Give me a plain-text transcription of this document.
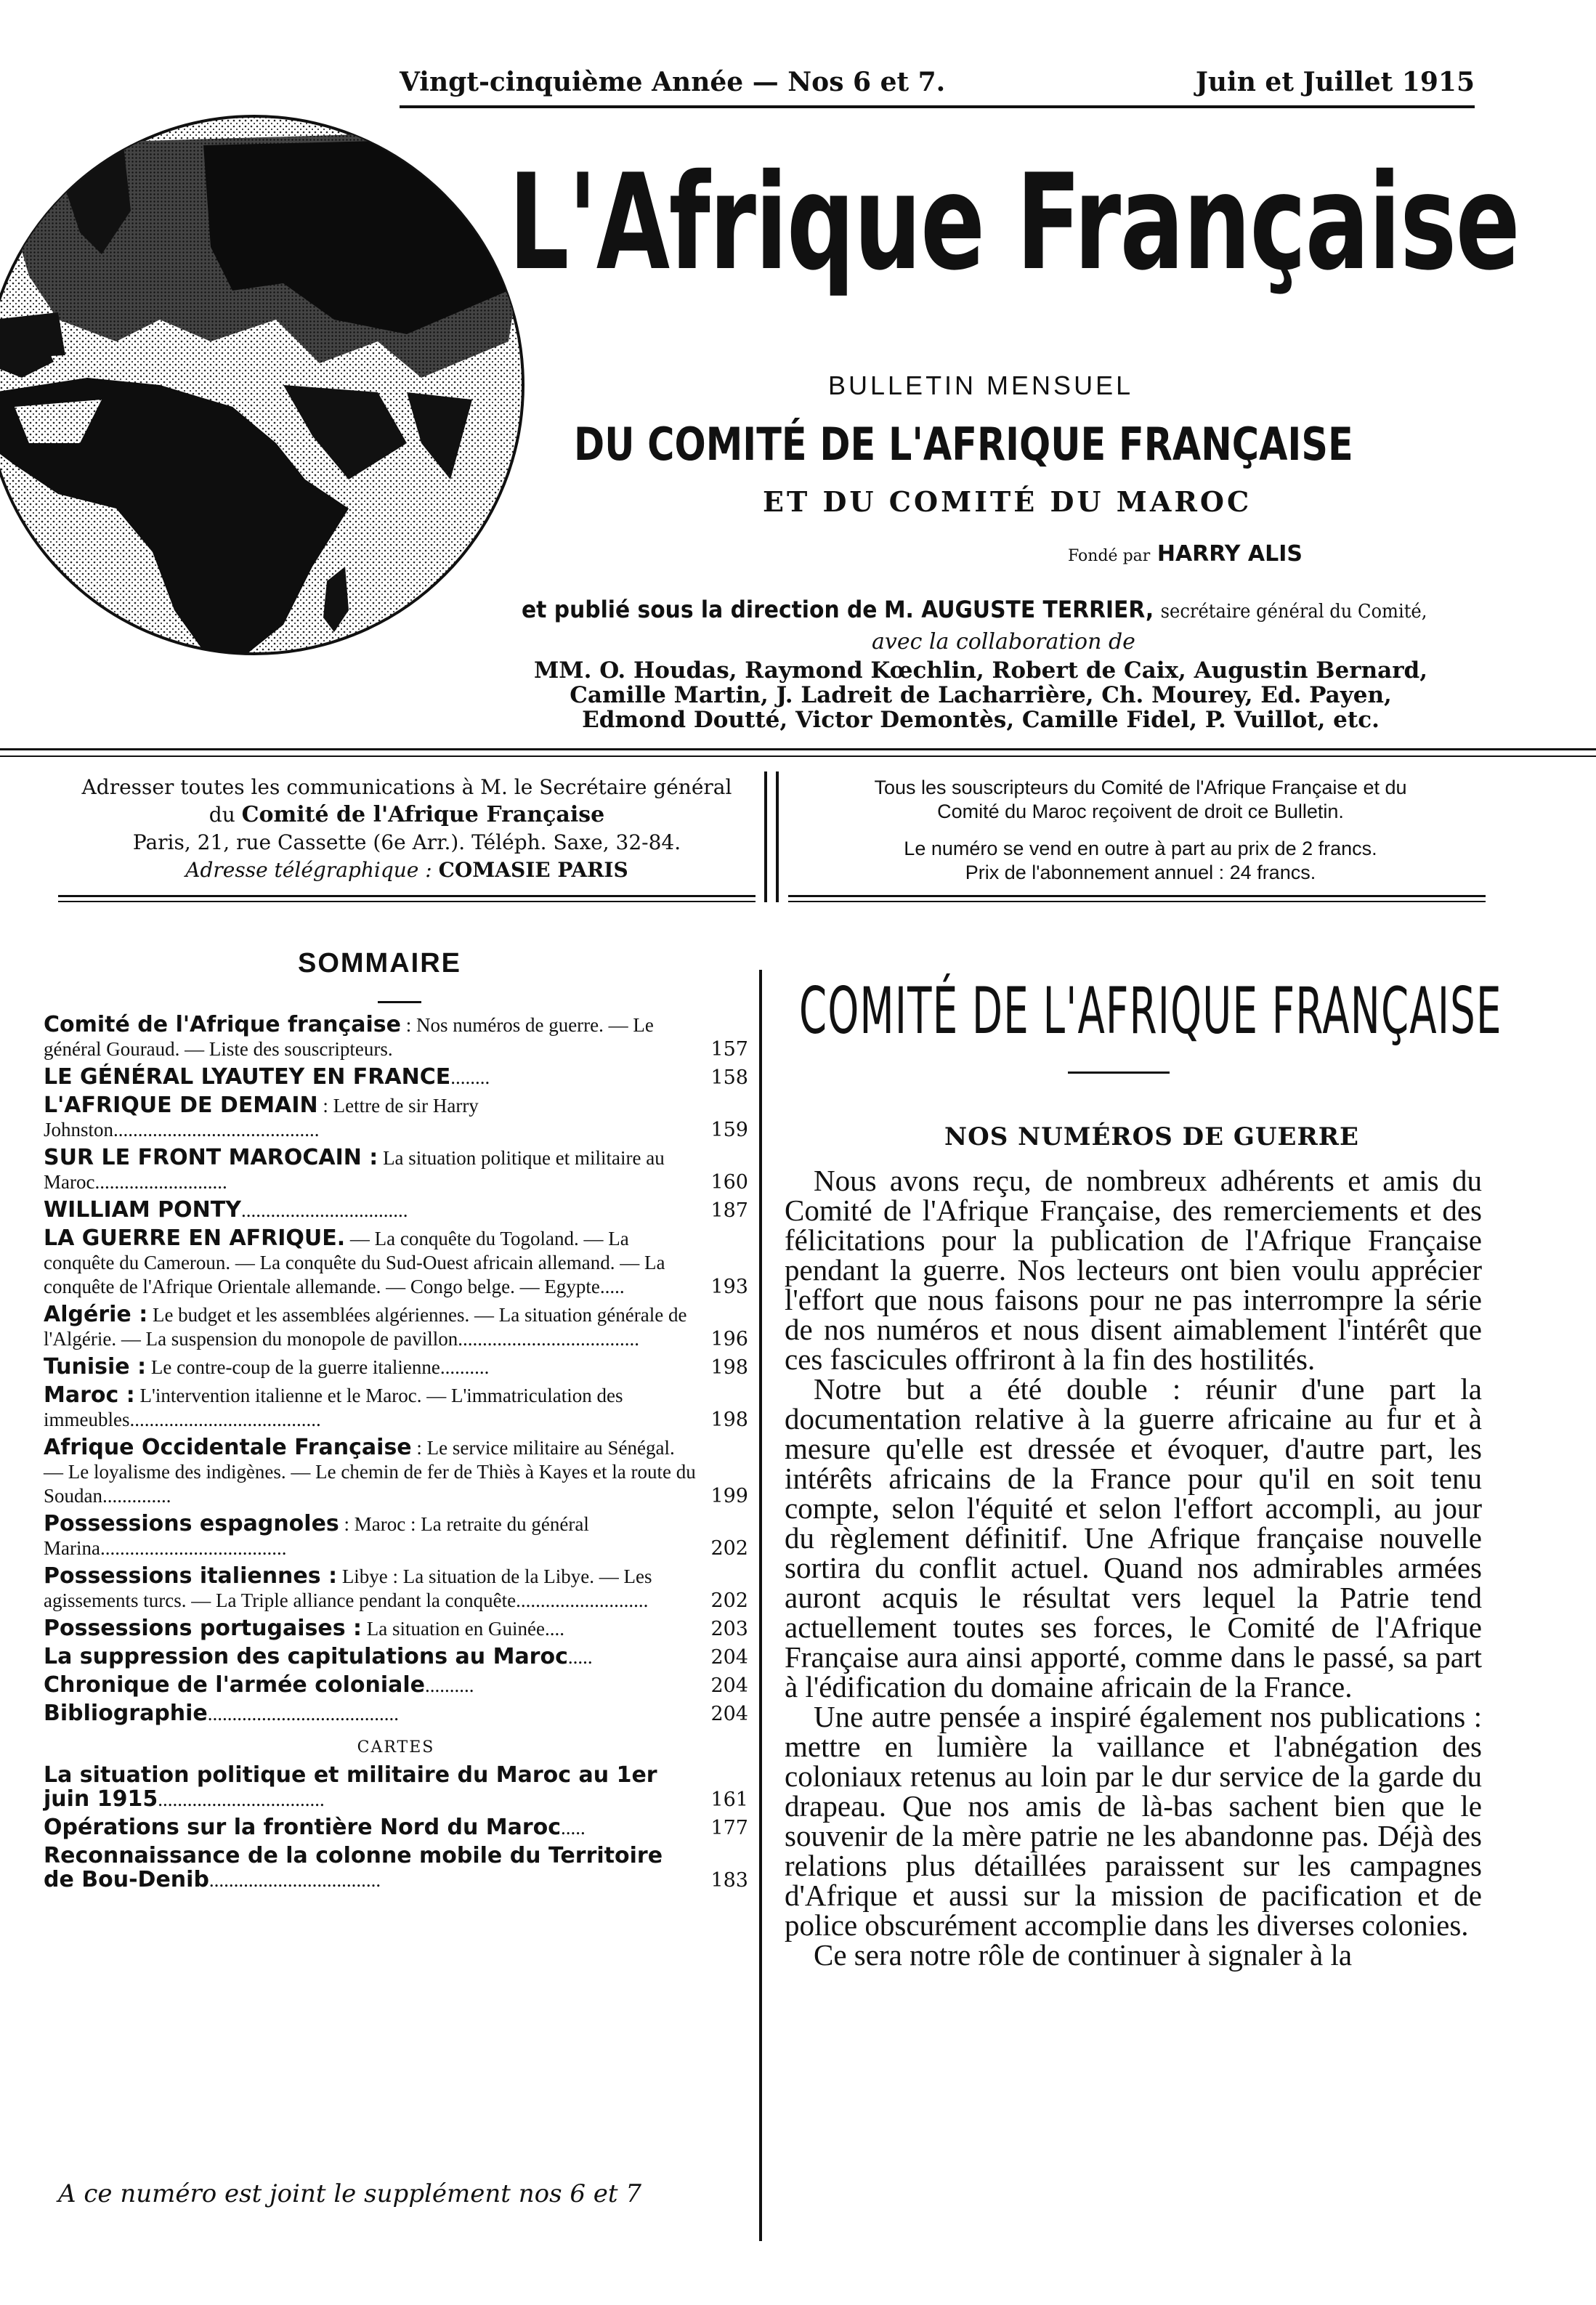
Vingt-cinquième Année — Nos 6 et 7.	Juin et Juillet 1915
L'Afrique Française
BULLETIN MENSUEL
DU COMITÉ DE L'AFRIQUE FRANÇAISE
ET DU COMITÉ DU MAROC
Fondé par HARRY ALIS
et publié sous la direction de M. AUGUSTE TERRIER, secrétaire général du Comité,
avec la collaboration de
MM. O. Houdas, Raymond Kœchlin, Robert de Caix, Augustin Bernard,
Camille Martin, J. Ladreit de Lacharrière, Ch. Mourey, Ed. Payen,
Edmond Doutté, Victor Demontès, Camille Fidel, P. Vuillot, etc.
Adresser toutes les communications à M. le Secrétaire général
du Comité de l'Afrique Française
Paris, 21, rue Cassette (6e Arr.). Téléph. Saxe, 32-84.
Adresse télégraphique : COMASIE PARIS
Tous les souscripteurs du Comité de l'Afrique Française et du
Comité du Maroc reçoivent de droit ce Bulletin.
Le numéro se vend en outre à part au prix de 2 francs.
Prix de l'abonnement annuel : 24 francs.
SOMMAIRE
Comité de l'Afrique française : Nos numéros de guerre. — Le général Gouraud. — Liste des souscripteurs.	157
LE GÉNÉRAL LYAUTEY EN FRANCE........	158
L'AFRIQUE DE DEMAIN : Lettre de sir Harry Johnston..........................................	159
SUR LE FRONT MAROCAIN : La situation politique et militaire au Maroc...........................	160
WILLIAM PONTY..................................	187
LA GUERRE EN AFRIQUE. — La conquête du Togoland. — La conquête du Cameroun. — La conquête du Sud-Ouest africain allemand. — La conquête de l'Afrique Orientale allemande. — Congo belge. — Egypte.....	193
Algérie : Le budget et les assemblées algériennes. — La situation générale de l'Algérie. — La suspension du monopole de pavillon.....................................	196
Tunisie : Le contre-coup de la guerre italienne..........	198
Maroc : L'intervention italienne et le Maroc. — L'immatriculation des immeubles.......................................	198
Afrique Occidentale Française : Le service militaire au Sénégal. — Le loyalisme des indigènes. — Le chemin de fer de Thiès à Kayes et la route du Soudan..............	199
Possessions espagnoles : Maroc : La retraite du général Marina......................................	202
Possessions italiennes : Libye : La situation de la Libye. — Les agissements turcs. — La Triple alliance pendant la conquête...........................	202
Possessions portugaises : La situation en Guinée....	203
La suppression des capitulations au Maroc.....	204
Chronique de l'armée coloniale..........	204
Bibliographie.......................................	204
CARTES
La situation politique et militaire du Maroc au 1er juin 1915..................................	161
Opérations sur la frontière Nord du Maroc.....	177
Reconnaissance de la colonne mobile du Territoire de Bou-Denib...................................	183
A ce numéro est joint le supplément nos 6 et 7
COMITÉ DE L'AFRIQUE FRANÇAISE
NOS NUMÉROS DE GUERRE

Nous avons reçu, de nombreux adhérents et amis du Comité de l'Afrique Française, des remerciements et des félicitations pour la publication de l'Afrique Française pendant la guerre. Nos lecteurs ont bien voulu apprécier l'effort que nous faisons pour ne pas interrompre la série de nos numéros et nous disent aimablement l'intérêt que ces fascicules offriront à la fin des hostilités.

Notre but a été double : réunir d'une part la documentation relative à la guerre africaine au fur et à mesure qu'elle est dressée et évoquer, d'autre part, les intérêts africains de la France pour qu'il en soit tenu compte, selon l'équité et selon l'effort accompli, au jour du règlement définitif. Une Afrique française nouvelle sortira du conflit actuel. Quand nos admirables armées auront acquis le résultat vers lequel la Patrie tend actuellement toutes ses forces, le Comité de l'Afrique Française aura ainsi apporté, comme dans le passé, sa part à l'édification du domaine africain de la France.

Une autre pensée a inspiré également nos publications : mettre en lumière la vaillance et l'abnégation des coloniaux retenus au loin par le dur service de la garde du drapeau. Que nos amis de là-bas sachent bien que le souvenir de la mère patrie ne les abandonne pas. Déjà des relations plus détaillées paraissent sur les campagnes d'Afrique et aussi sur la mission de pacification et de police obscurément accomplie dans les diverses colonies.

Ce sera notre rôle de continuer à signaler à la
